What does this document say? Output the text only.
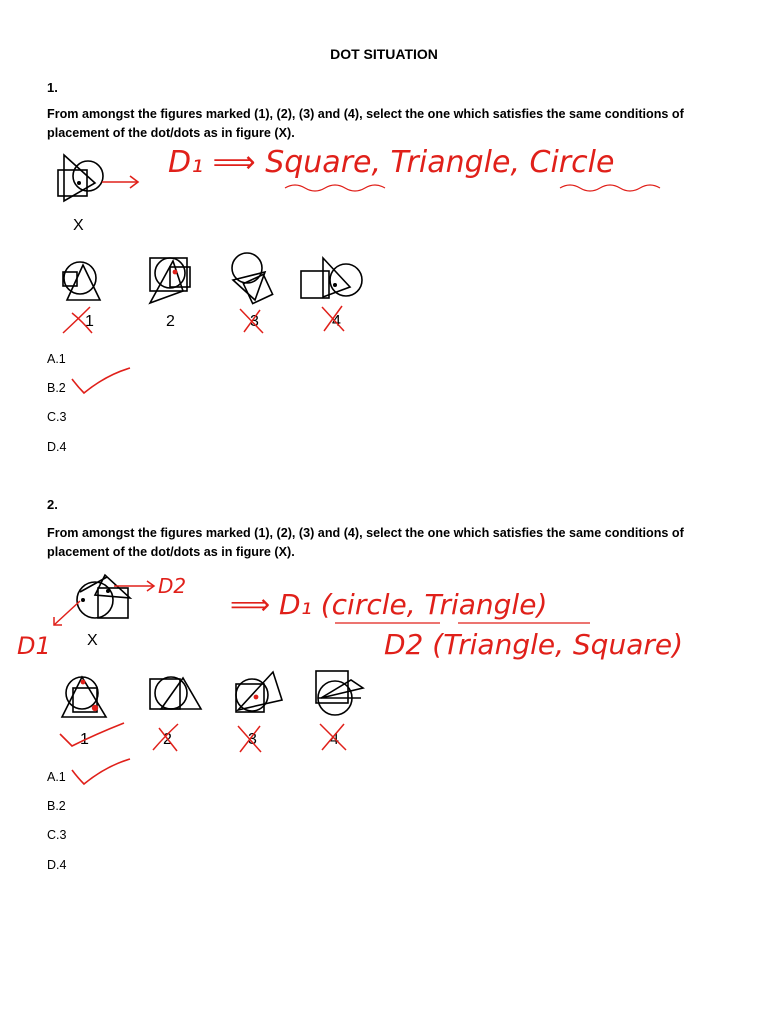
DOT SITUATION
1.
From amongst the figures marked (1), (2), (3) and (4), select the one which satisfies the same conditions of placement of the dot/dots as in figure (X).
X
D₁ ⟹ Square, Triangle, Circle
1	2	3	4
A.1
B.2
C.3
D.4
2.
From amongst the figures marked (1), (2), (3) and (4), select the one which satisfies the same conditions of placement of the dot/dots as in figure (X).
X
D2
D1
⟹ D₁ (circle, Triangle)
D2 (Triangle, Square)
1	2	3	4
A.1
B.2
C.3
D.4
